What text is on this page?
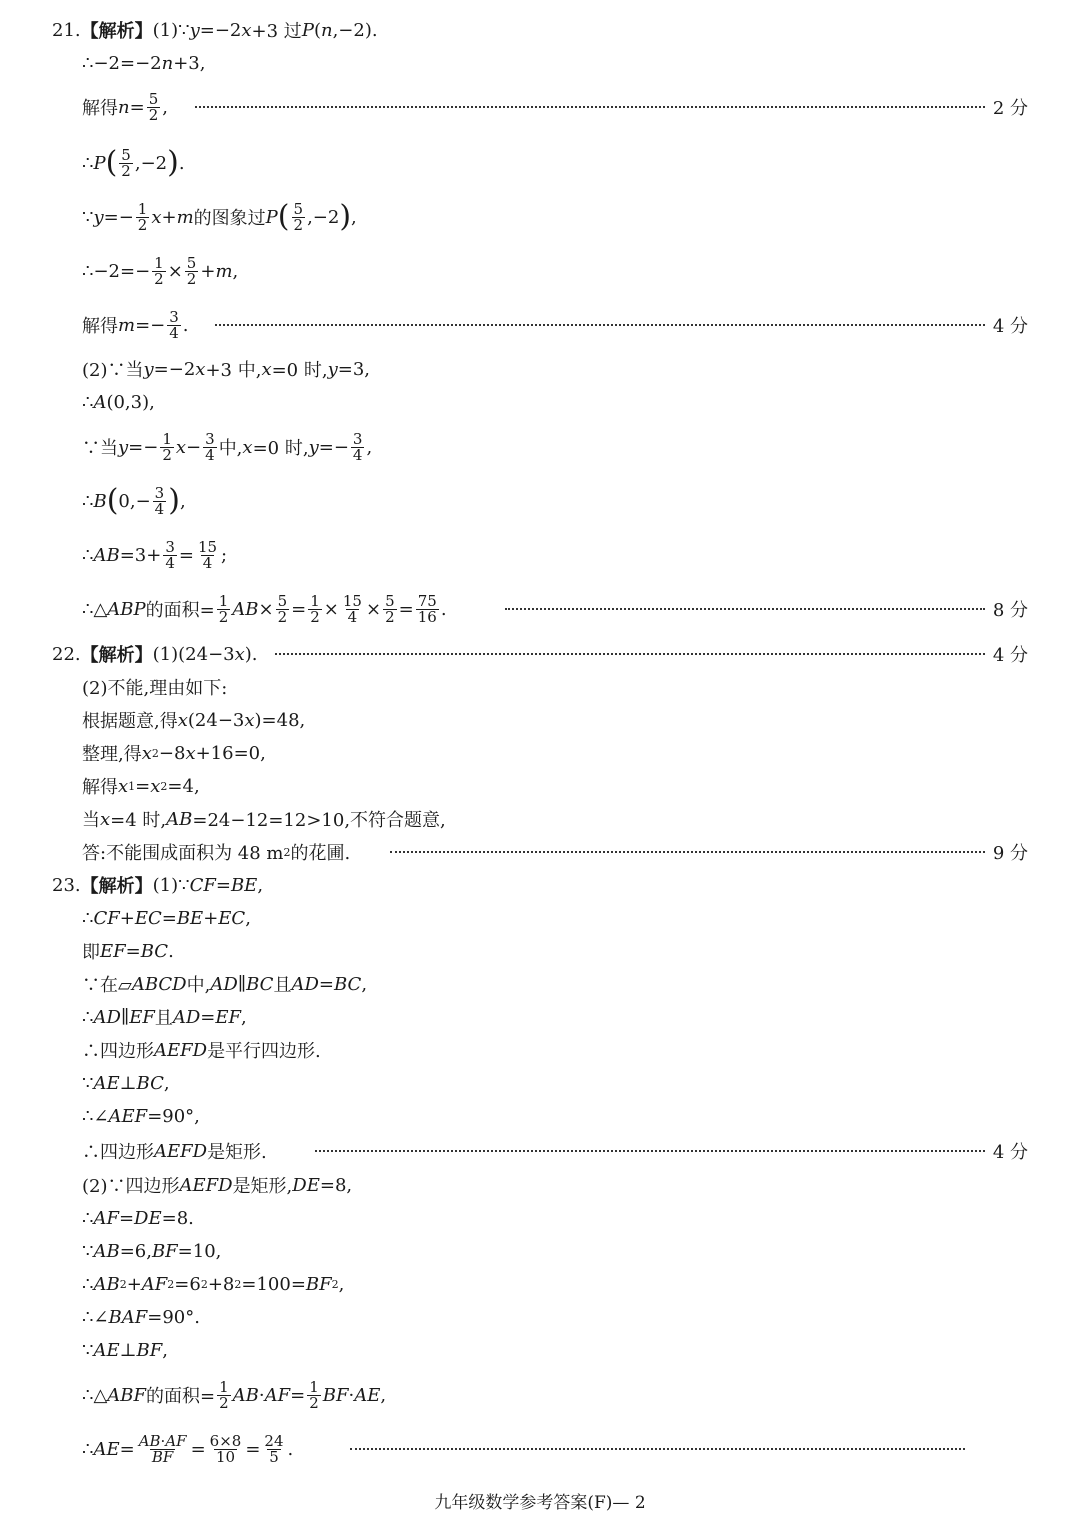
21. 【解析】 (1)∵ y =−2 x +3 过 P ( n ,−2).
∴−2=−2 n +3,
解得 $n = \frac{5}{2}$ ,	2 分
∴ P ( $\frac{5}{2} ,-2$ ) .
∵ $y =- \frac{1}{2}$ x + m 的图象过 P ( $\frac{5}{2} ,-2$ ) ,
∴−2=− $\frac{1}{2} \times \frac{5}{2} + m$ ,
解得 $m =- \frac{3}{4}$ .	4 分
(2)∵当 y =−2 x +3 中, x =0 时, y =3,
∴ A (0,3),
∵当 $y =- \frac{1}{2}$ $x - \frac{3}{4}$ 中, x =0 时, $y =- \frac{3}{4}$ ,
∴ B ( $0,- \frac{3}{4}$ ) ,
∴ AB $=3+ \frac{3}{4} = \frac{15}{4}$ ;
∴△ ABP 的面积= $\frac{1}{2}$ AB × $\frac{5}{2} = \frac{1}{2} \times \frac{15}{4} \times \frac{5}{2} = \frac{75}{16}$ .	8 分
22. 【解析】 (1)(24−3 x ).	4 分
(2)不能,理由如下:
根据题意,得 x (24−3 x )=48,
整理,得 x 2 −8 x +16=0,
解得 x 1 = x 2 =4,
当 x =4 时, AB =24−12=12>10,不符合题意,
答:不能围成面积为 48 m 2 的花圃.	9 分
23. 【解析】 (1)∵ CF = BE ,
∴ CF + EC = BE + EC ,
即 EF = BC .
∵在▱ ABCD 中, AD ∥ BC 且 AD = BC ,
∴ AD ∥ EF 且 AD = EF ,
∴四边形 AEFD 是平行四边形.
∵ AE ⊥ BC ,
∴∠ AEF =90°,
∴四边形 AEFD 是矩形.	4 分
(2)∵四边形 AEFD 是矩形, DE =8,
∴ AF = DE =8.
∵ AB =6, BF =10,
∴ AB 2 + AF 2 =6 2 +8 2 =100= BF 2 ,
∴∠ BAF =90°.
∵ AE ⊥ BF ,
∴△ ABF 的面积= $\frac{1}{2}$ AB · AF = $\frac{1}{2}$ BF · AE ,
∴ AE = $\frac{AB\cdot AF}{BF} = \frac{6\times 8}{10} = \frac{24}{5}$ .
九年级数学参考答案(F)— 2
